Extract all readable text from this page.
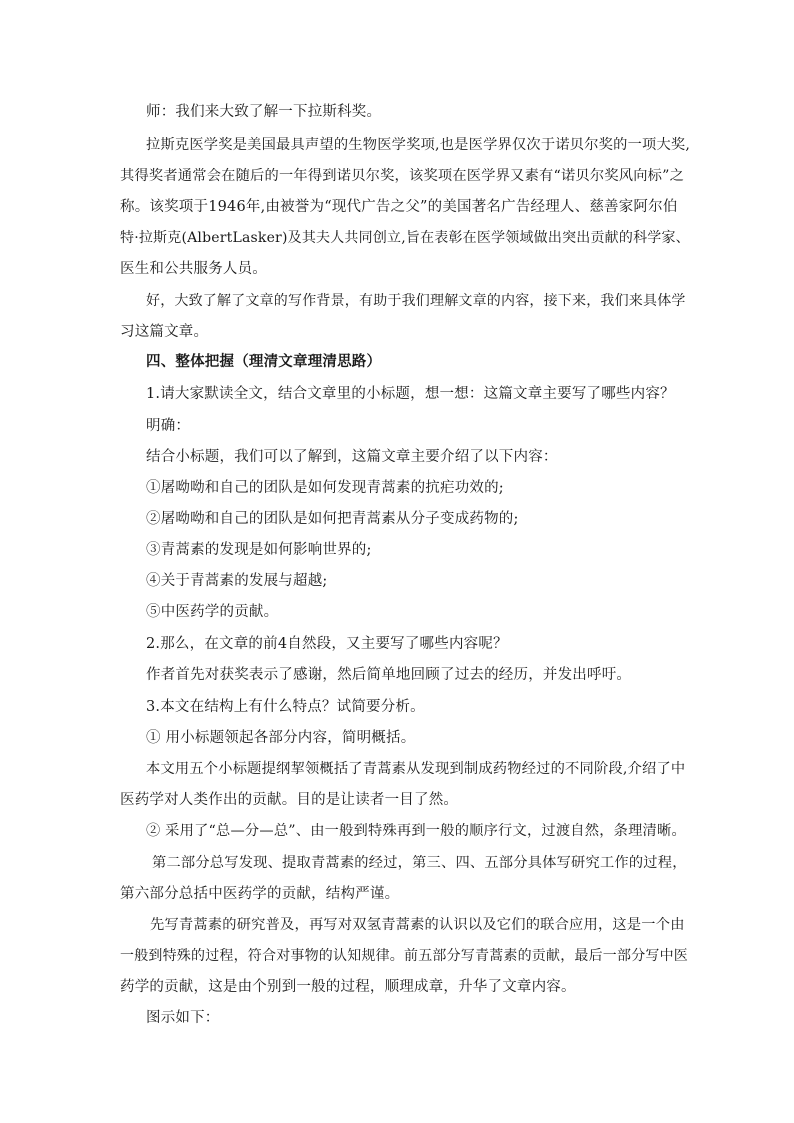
师：我们来大致了解一下拉斯科奖。
拉斯克医学奖是美国最具声望的生物医学奖项,也是医学界仅次于诺贝尔奖的一项大奖,
其得奖者通常会在随后的一年得到诺贝尔奖，该奖项在医学界又素有“诺贝尔奖风向标”之
称。该奖项于1946年,由被誉为“现代广告之父”的美国著名广告经理人、慈善家阿尔伯
特·拉斯克(AlbertLasker)及其夫人共同创立,旨在表彰在医学领域做出突出贡献的科学家、
医生和公共服务人员。
好，大致了解了文章的写作背景，有助于我们理解文章的内容，接下来，我们来具体学
习这篇文章。
四、整体把握（理清文章理清思路）
1.请大家默读全文，结合文章里的小标题，想一想：这篇文章主要写了哪些内容？
明确：
结合小标题，我们可以了解到，这篇文章主要介绍了以下内容：
①屠呦呦和自己的团队是如何发现青蒿素的抗疟功效的;
②屠呦呦和自己的团队是如何把青蒿素从分子变成药物的;
③青蒿素的发现是如何影响世界的;
④关于青蒿素的发展与超越;
⑤中医药学的贡献。
2.那么，在文章的前4自然段，又主要写了哪些内容呢？
作者首先对获奖表示了感谢，然后简单地回顾了过去的经历，并发出呼吁。
3.本文在结构上有什么特点？试简要分析。
① 用小标题领起各部分内容，简明概括。
本文用五个小标题提纲挈领概括了青蒿素从发现到制成药物经过的不同阶段,介绍了中
医药学对人类作出的贡献。目的是让读者一目了然。
② 采用了“总—分—总”、由一般到特殊再到一般的顺序行文，过渡自然，条理清晰。
第二部分总写发现、提取青蒿素的经过，第三、四、五部分具体写研究工作的过程，
第六部分总括中医药学的贡献，结构严谨。
先写青蒿素的研究普及，再写对双氢青蒿素的认识以及它们的联合应用，这是一个由
一般到特殊的过程，符合对事物的认知规律。前五部分写青蒿素的贡献，最后一部分写中医
药学的贡献，这是由个别到一般的过程，顺理成章，升华了文章内容。
图示如下：
